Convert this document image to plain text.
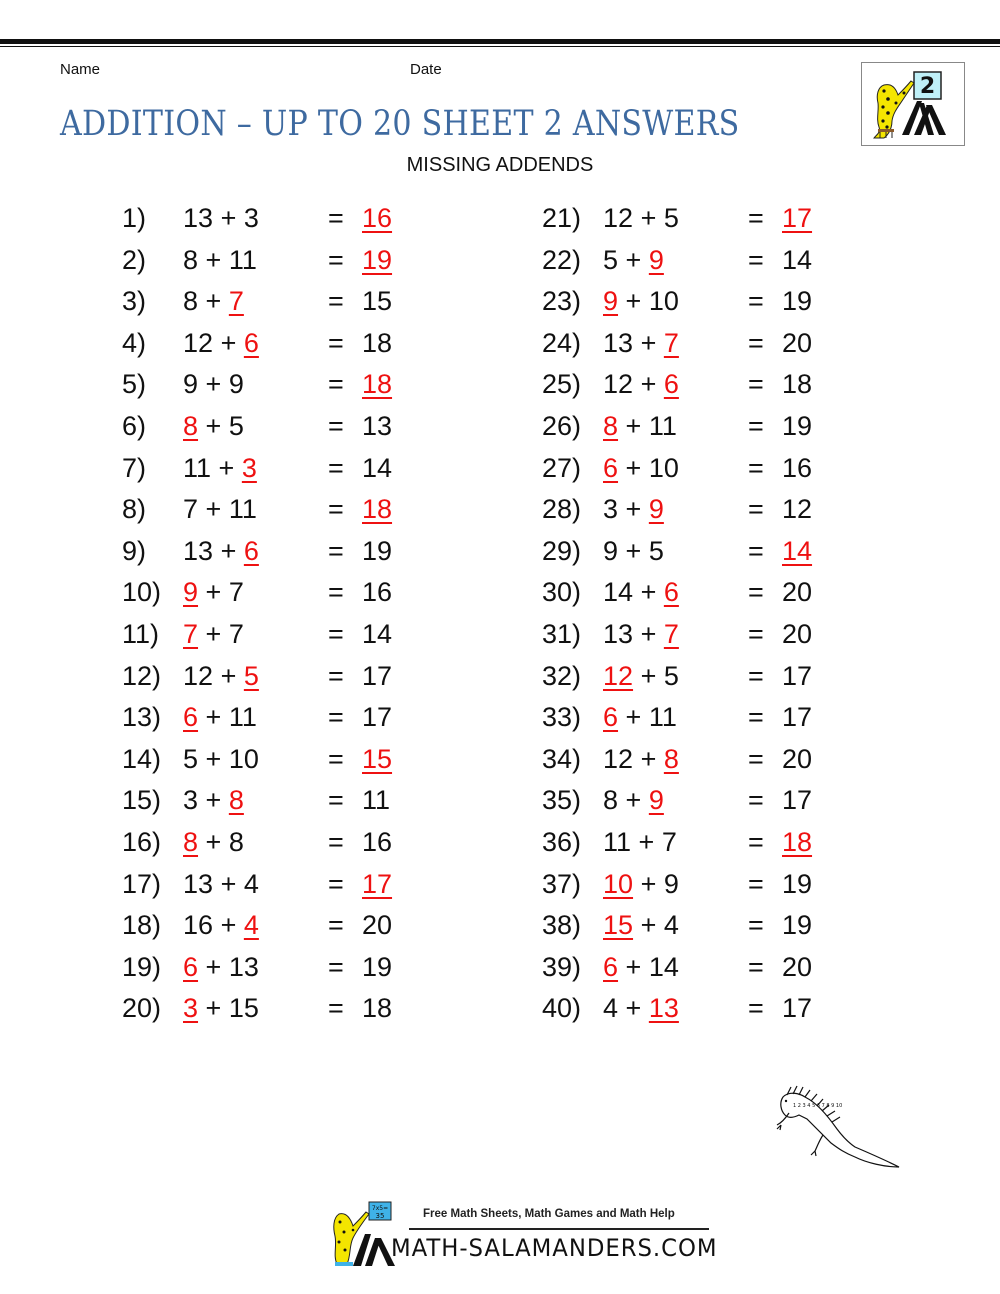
Name	Date
ADDITION – UP TO 20 SHEET 2 ANSWERS
MISSING ADDENDS
2
1) 13 + 3	= 16
2) 8 + 11	= 19
3) 8 + 7	= 15
4) 12 + 6	= 18
5) 9 + 9	= 18
6) 8 + 5	= 13
7) 11 + 3	= 14
8) 7 + 11	= 18
9) 13 + 6	= 19
10) 9 + 7	= 16
11) 7 + 7	= 14
12) 12 + 5	= 17
13) 6 + 11	= 17
14) 5 + 10	= 15
15) 3 + 8	= 11
16) 8 + 8	= 16
17) 13 + 4	= 17
18) 16 + 4	= 20
19) 6 + 13	= 19
20) 3 + 15	= 18
21) 12 + 5	= 17
22) 5 + 9	= 14
23) 9 + 10	= 19
24) 13 + 7	= 20
25) 12 + 6	= 18
26) 8 + 11	= 19
27) 6 + 10	= 16
28) 3 + 9	= 12
29) 9 + 5	= 14
30) 14 + 6	= 20
31) 13 + 7	= 20
32) 12 + 5	= 17
33) 6 + 11	= 17
34) 12 + 8	= 20
35) 8 + 9	= 17
36) 11 + 7	= 18
37) 10 + 9	= 19
38) 15 + 4	= 19
39) 6 + 14	= 20
40) 4 + 13	= 17
1 2 3 4 5 6 7 8 9 10
7x5=
35	Free Math Sheets, Math Games and Math Help
MATH-SALAMANDERS.COM
